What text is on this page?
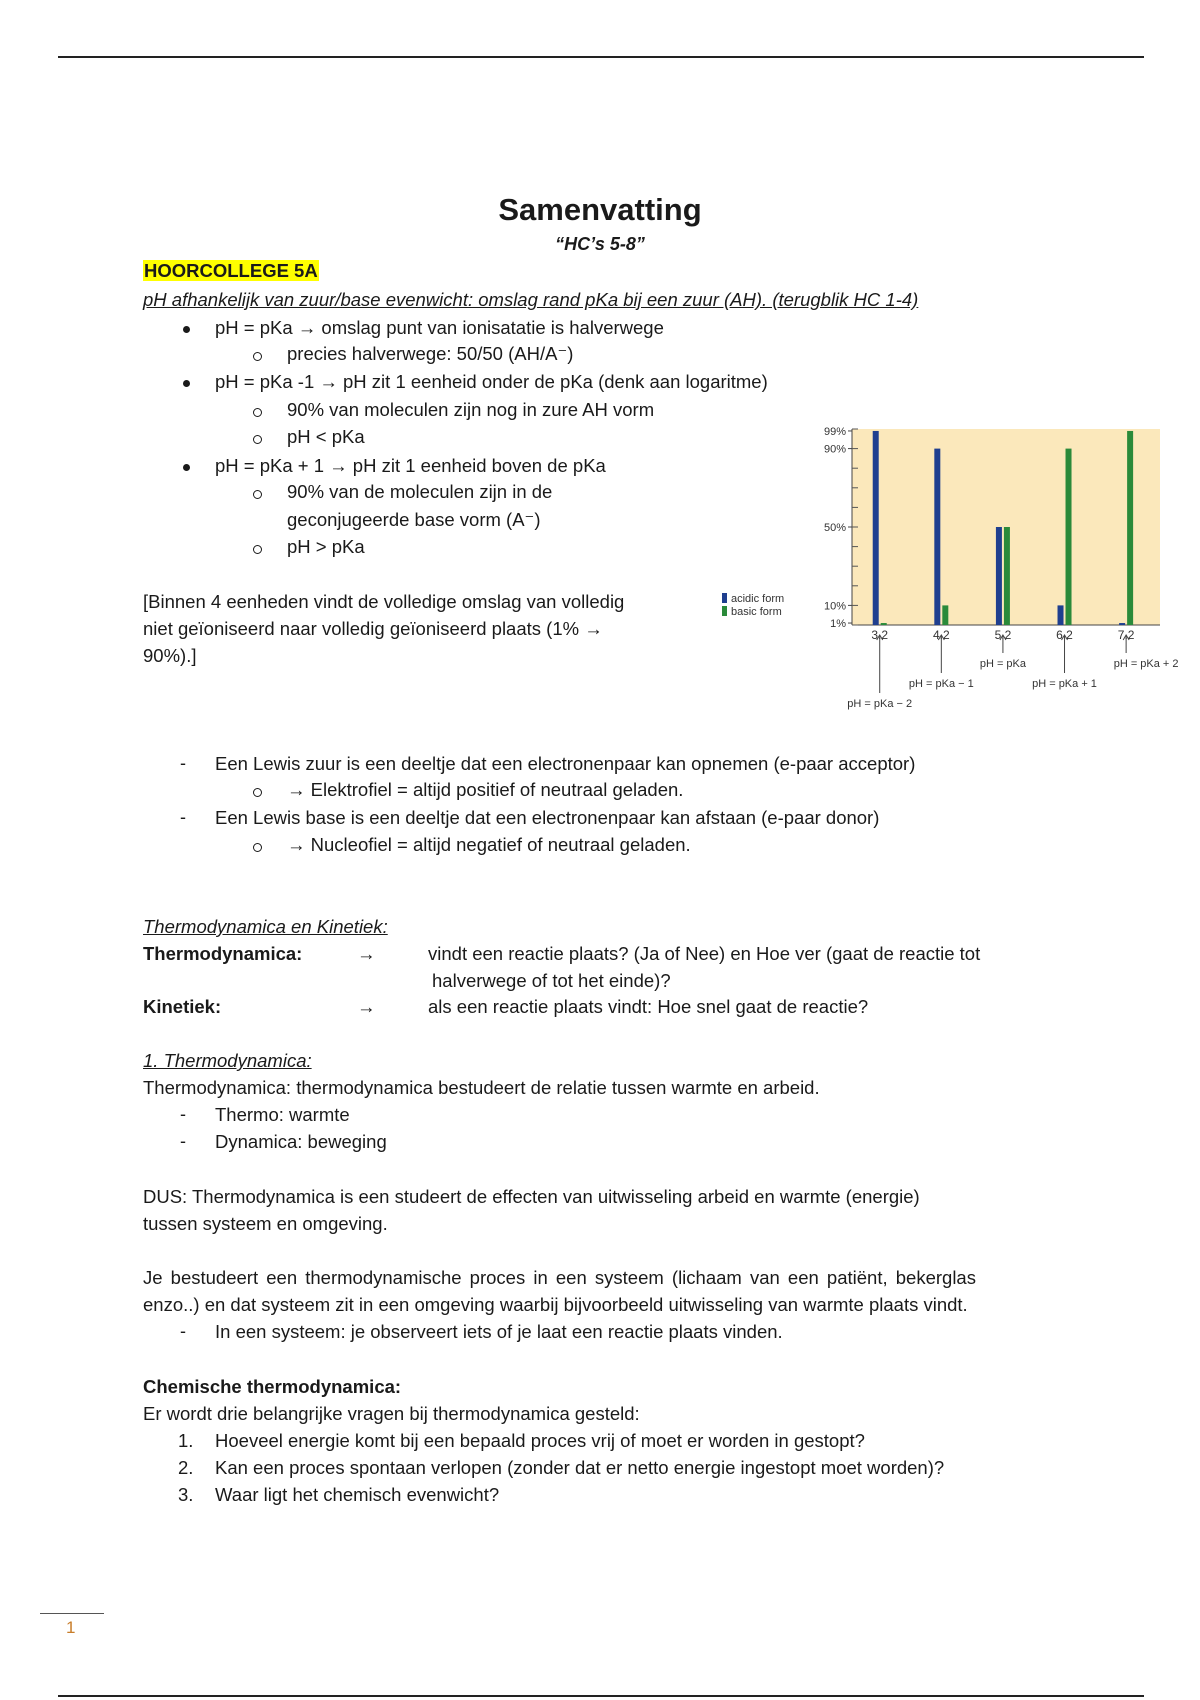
Samenvatting
“HC’s 5-8”
HOORCOLLEGE 5A
pH afhankelijk van zuur/base evenwicht: omslag rand pKa bij een zuur (AH). (terugblik HC 1-4)
pH = pKa → omslag punt van ionisatatie is halverwege
precies halverwege: 50/50 (AH/A⁻)
pH = pKa -1 → pH zit 1 eenheid onder de pKa (denk aan logaritme)
90% van moleculen zijn nog in zure AH vorm
pH < pKa
pH = pKa + 1 → pH zit 1 eenheid boven de pKa
90% van de moleculen zijn in de
geconjugeerde base vorm (A⁻)
pH > pKa
[Binnen 4 eenheden vindt de volledige omslag van volledig
niet geïoniseerd naar volledig geïoniseerd plaats (1% →
90%).]
99%
90%
50%
10%
1%
3.2	4.2	5.2	6.2	7.2
pH = pKa − 2
pH = pKa − 1
pH = pKa
pH = pKa + 1
pH = pKa + 2
acidic form
basic form
- Een Lewis zuur is een deeltje dat een electronenpaar kan opnemen (e-paar acceptor)
→ Elektrofiel = altijd positief of neutraal geladen.
- Een Lewis base is een deeltje dat een electronenpaar kan afstaan (e-paar donor)
→ Nucleofiel = altijd negatief of neutraal geladen.
Thermodynamica en Kinetiek:
Thermodynamica:	→	vindt een reactie plaats? (Ja of Nee) en Hoe ver (gaat de reactie tot
halverwege of tot het einde)?
Kinetiek:	→	als een reactie plaats vindt: Hoe snel gaat de reactie?
1. Thermodynamica:
Thermodynamica: thermodynamica bestudeert de relatie tussen warmte en arbeid.
- Thermo: warmte
- Dynamica: beweging
DUS: Thermodynamica is een studeert de effecten van uitwisseling arbeid en warmte (energie)
tussen systeem en omgeving.
Je bestudeert een thermodynamische proces in een systeem (lichaam van een patiënt, bekerglas
enzo..) en dat systeem zit in een omgeving waarbij bijvoorbeeld uitwisseling van warmte plaats vindt.
- In een systeem: je observeert iets of je laat een reactie plaats vinden.
Chemische thermodynamica:
Er wordt drie belangrijke vragen bij thermodynamica gesteld:
1. Hoeveel energie komt bij een bepaald proces vrij of moet er worden in gestopt?
2. Kan een proces spontaan verlopen (zonder dat er netto energie ingestopt moet worden)?
3. Waar ligt het chemisch evenwicht?
1
